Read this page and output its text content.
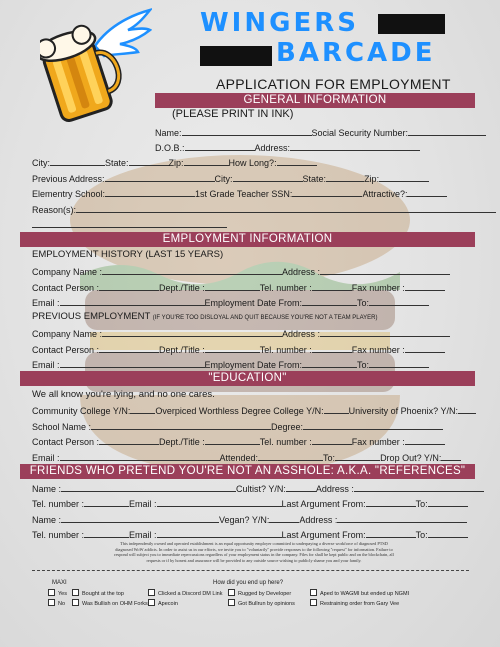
WINGERS
BARCADE
APPLICATION FOR EMPLOYMENT
GENERAL INFORMATION
(PLEASE PRINT IN INK)
Name:	Social Security Number:
D.O.B.:	Address:
City:	State:	Zip:	How Long?:
Previous Address:	City:	State:	Zip:
Elementry School:	1st Grade Teacher SSN:	Attractive?:
Reason(s):
EMPLOYMENT INFORMATION
EMPLOYMENT HISTORY (LAST 15 YEARS)
Company Name :	Address :
Contact Person :	Dept./Title :	Tel. number :	Fax number :
Email :	Employment Date From:	To:
PREVIOUS EMPLOYMENT (IF YOU'RE TOO DISLOYAL AND QUIT BECAUSE YOU'RE NOT A TEAM PLAYER)
Company Name :	Address :
Contact Person :	Dept./Title :	Tel. number :	Fax number :
Email :	Employment Date From:	To:
"EDUCATION"
We all know you're lying, and no one cares.
Community College Y/N:	Overpiced Worthless Degree College Y/N:	University of Phoenix? Y/N:
School Name :	Degree:
Contact Person :	Dept./Title :	Tel. number :	Fax number :
Email :	Attended:	To:	Drop Out? Y/N:
FRIENDS WHO PRETEND YOU'RE NOT AN ASSHOLE: A.K.A. "REFERENCES"
Name :	Cultist? Y/N:	Address :
Tel. number :	Email :	Last Argument From:	To:
Name :	Vegan? Y/N:	Address :
Tel. number :	Email :	Last Argument From:	To:
This independently owned and operated establishment is an equal opportunity employer committed to underpaying a diverse workforce of diagnosed PTSD diagnosed WoW addicts. In order to assist us in our efforts, we invite you to "voluntarily" provide responses to the following "request" for information. Failure to respond will subject you to immediate repercussions regardless of your employment status in the company. Files for shall be kept public and on the blockchain, all requests or if by honest and assurance will be provided to any outside source wishing to publicly shame you and your family.
MAXI	How did you end up here?
Yes
No
Bought at the top
Was Bullish on OHM Forks
Clicked a Discord DM Link
Apecoin
Rugged by Developer
Got Bullrun by opinions
Aped to WAGMI but ended up NGMI
Restraining order from Gary Vee
